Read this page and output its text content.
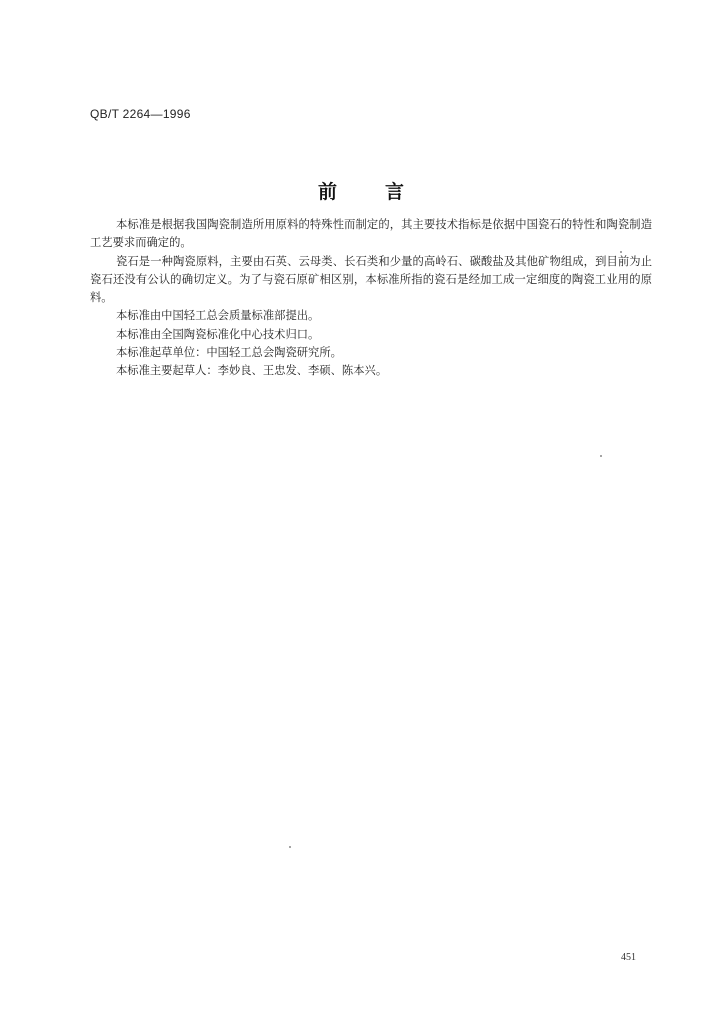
QB/T 2264—1996
前言

本标准是根据我国陶瓷制造所用原料的特殊性而制定的，其主要技术指标是依据中国瓷石的特性和陶瓷制造工艺要求而确定的。

瓷石是一种陶瓷原料，主要由石英、云母类、长石类和少量的高岭石、碳酸盐及其他矿物组成，到目前为止瓷石还没有公认的确切定义。为了与瓷石原矿相区别，本标准所指的瓷石是经加工成一定细度的陶瓷工业用的原料。

本标准由中国轻工总会质量标准部提出。

本标准由全国陶瓷标准化中心技术归口。

本标准起草单位：中国轻工总会陶瓷研究所。

本标准主要起草人：李妙良、王忠发、李硕、陈本兴。

451
